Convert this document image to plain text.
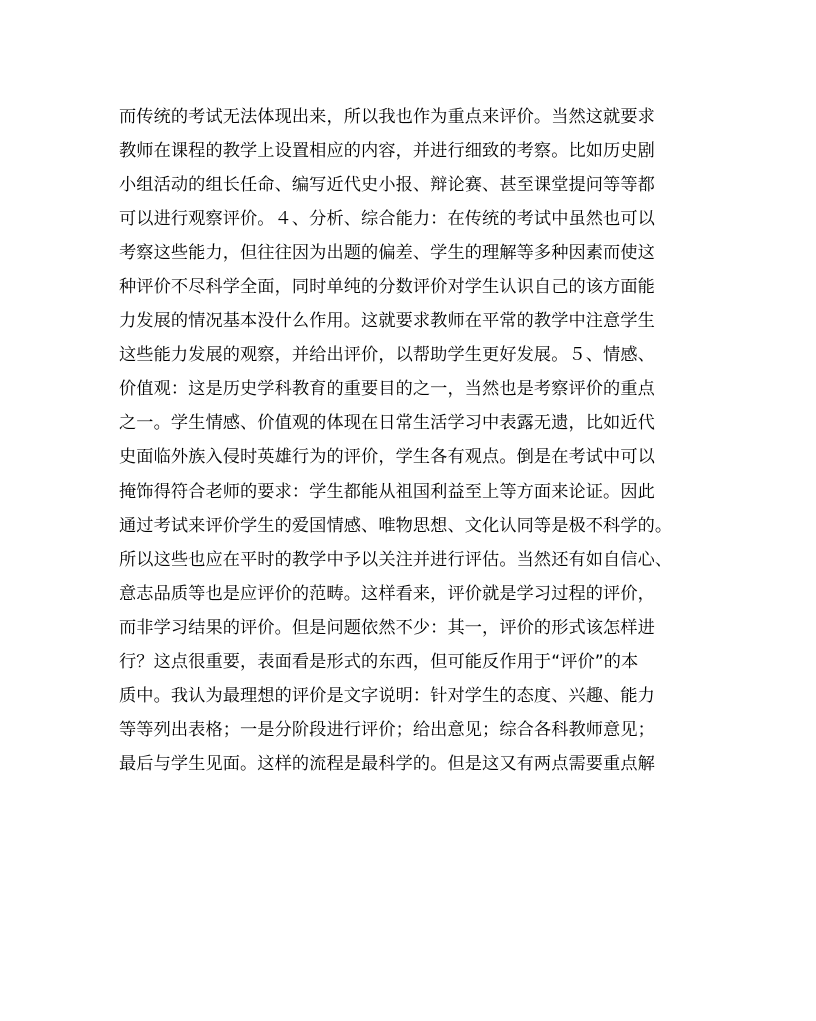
而传统的考试无法体现出来，所以我也作为重点来评价。当然这就要求
教师在课程的教学上设置相应的内容，并进行细致的考察。比如历史剧
小组活动的组长任命、编写近代史小报、辩论赛、甚至课堂提问等等都
可以进行观察评价。４、分析、综合能力：在传统的考试中虽然也可以
考察这些能力，但往往因为出题的偏差、学生的理解等多种因素而使这
种评价不尽科学全面，同时单纯的分数评价对学生认识自己的该方面能
力发展的情况基本没什么作用。这就要求教师在平常的教学中注意学生
这些能力发展的观察，并给出评价，以帮助学生更好发展。５、情感、
价值观：这是历史学科教育的重要目的之一，当然也是考察评价的重点
之一。学生情感、价值观的体现在日常生活学习中表露无遗，比如近代
史面临外族入侵时英雄行为的评价，学生各有观点。倒是在考试中可以
掩饰得符合老师的要求：学生都能从祖国利益至上等方面来论证。因此
通过考试来评价学生的爱国情感、唯物思想、文化认同等是极不科学的。
所以这些也应在平时的教学中予以关注并进行评估。当然还有如自信心、
意志品质等也是应评价的范畴。这样看来，评价就是学习过程的评价，
而非学习结果的评价。但是问题依然不少：其一，评价的形式该怎样进
行？这点很重要，表面看是形式的东西，但可能反作用于“评价”的本
质中。我认为最理想的评价是文字说明：针对学生的态度、兴趣、能力
等等列出表格；一是分阶段进行评价；给出意见；综合各科教师意见；
最后与学生见面。这样的流程是最科学的。但是这又有两点需要重点解
